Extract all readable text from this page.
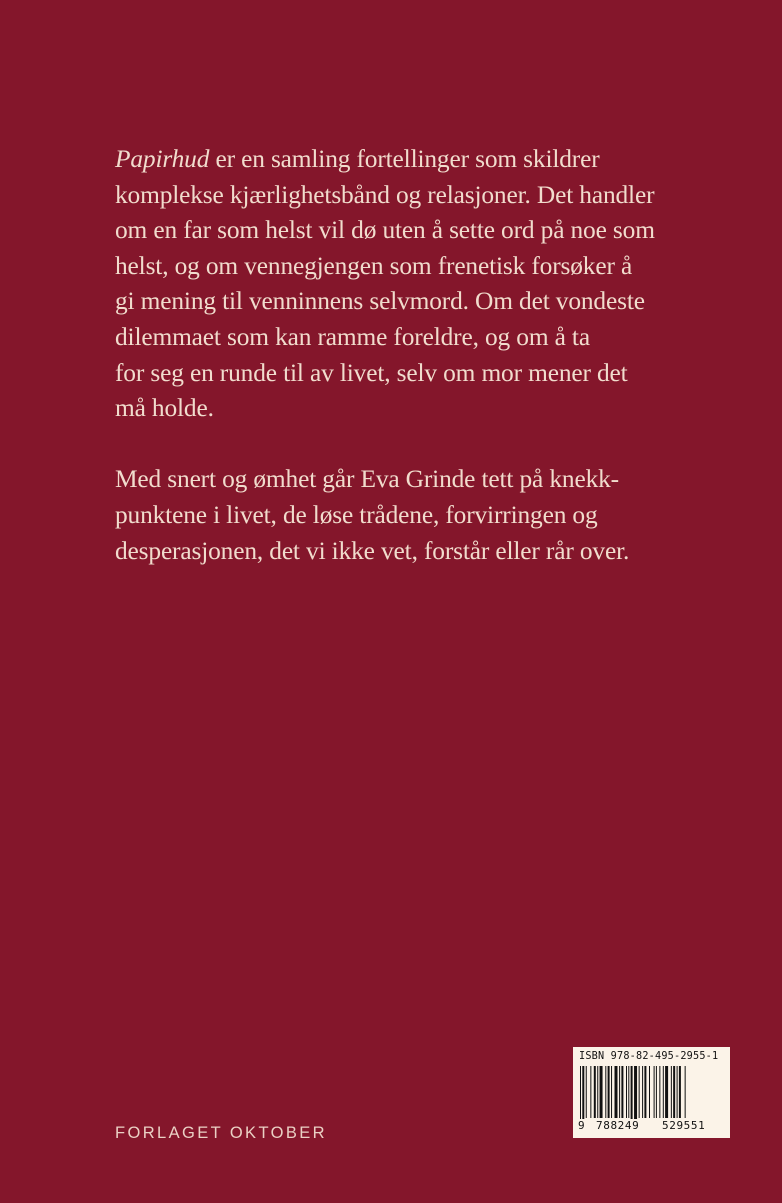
Papirhud er en samling fortellinger som skildrer
komplekse kjærlighetsbånd og relasjoner. Det handler
om en far som helst vil dø uten å sette ord på noe som
helst, og om vennegjengen som frenetisk forsøker å
gi mening til venninnens selvmord. Om det vondeste
dilemmaet som kan ramme foreldre, og om å ta
for seg en runde til av livet, selv om mor mener det
må holde.

Med snert og ømhet går Eva Grinde tett på knekk-
punktene i livet, de løse trådene, forvirringen og
desperasjonen, det vi ikke vet, forstår eller rår over.

FORLAGET OKTOBER
ISBN 978-82-495-2955-1
9 788249 529551
